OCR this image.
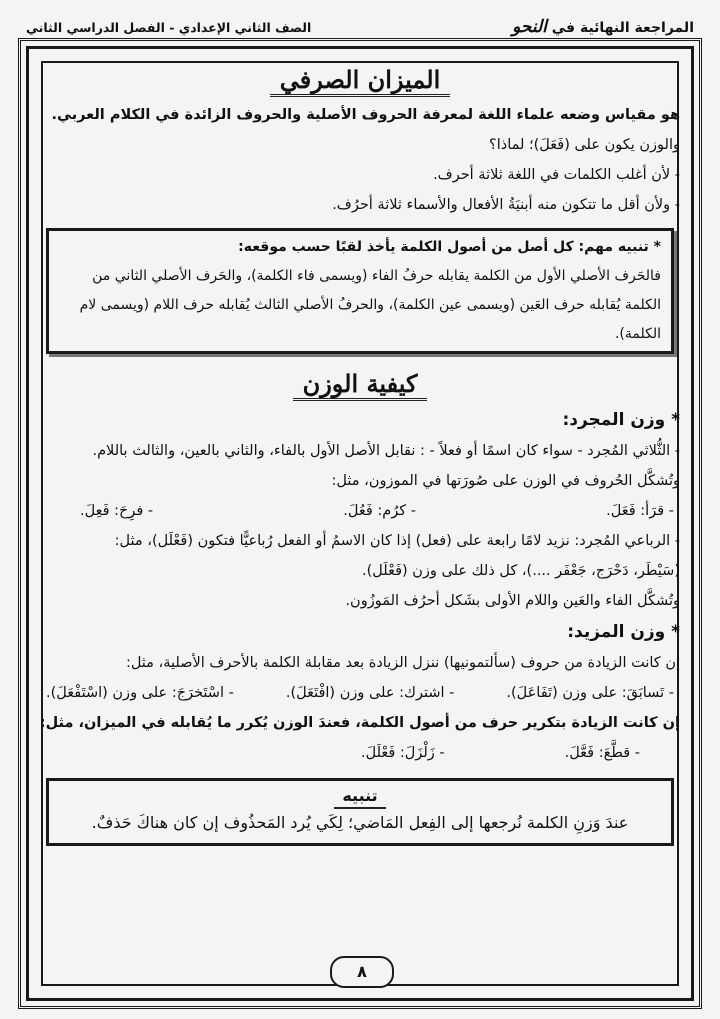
المراجعة النهائية في النحو
الصف الثاني الإعدادي - الفصل الدراسي الثاني
الميزان الصرفي
هو مقياس وضعه علماء اللغة لمعرفة الحروف الأصلية والحروف الزائدة في الكلام العربي.
والوزن يكون على (فَعَلَ)؛ لماذا؟
- لأن أغلب الكلمات في اللغة ثلاثة أحرف.
- ولأن أقل ما تتكون منه أبنيَةُ الأفعال والأسماء ثلاثة أحرُف.
* تنبيه مهم: كل أصل من أصول الكلمة يأخذ لقبًا حسب موقعه:
فالحَرف الأصلي الأول من الكلمة يقابله حرفُ الفاء (ويسمى فاء الكلمة)، والحَرف الأصلي الثاني من الكلمة يُقابله حرف العَين (ويسمى عين الكلمة)، والحرفُ الأصلي الثالث يُقابله حرف اللام (ويسمى لام الكلمة).
كيفية الوزن
* وزن المجرد:
- الثُّلاثي المُجرد - سواء كان اسمًا أو فعلاً - : نقابل الأصل الأول بالفاء، والثاني بالعين، والثالث باللام.
وتُشكَّل الحُروف في الوزن على صُورَتها في الموزون، مثل:
- قرَأ: فَعَلَ.
- كرُم: فَعُلَ.
- فرِحَ: فَعِلَ.
- الرباعي المُجرد: نزيد لامًا رابعة على (فعل) إذا كان الاسمُ أو الفعل رُباعيًّا فتكون (فَعْلَل)، مثل:
(سَيْطَر، دَحْرَج، جَعْفَر ....)، كل ذلك على وزن (فَعْلَل).
وتُشكَّل الفاء والعَين واللام الأولى بشَكل أحرُف المَوزُون.
* وزن المزيد:
إن كانت الزيادة من حروف (سألتمونيها) ننزل الزيادة بعد مقابلة الكلمة بالأحرف الأصلية، مثل:
- تَسابَقَ: على وزن (تَفَاعَلَ).
- اشترك: على وزن (افْتَعَلَ).
- اسْتَخرَجَ: على وزن (اسْتَفْعَلَ).
إن كانت الزيادة بتكرير حرف من أصول الكلمة، فعندَ الوزن يُكرر ما يُقابله في الميزان، مثل:
- قطَّعَ: فَعَّلَ.
- زَلْزَلَ: فَعْلَلَ.
تنبيه
عندَ وَزنِ الكلمة نُرجعها إلى الفِعل المَاضي؛ لِكَي يُرد المَحذُوف إن كان هناكَ حَذفٌ.
٨
